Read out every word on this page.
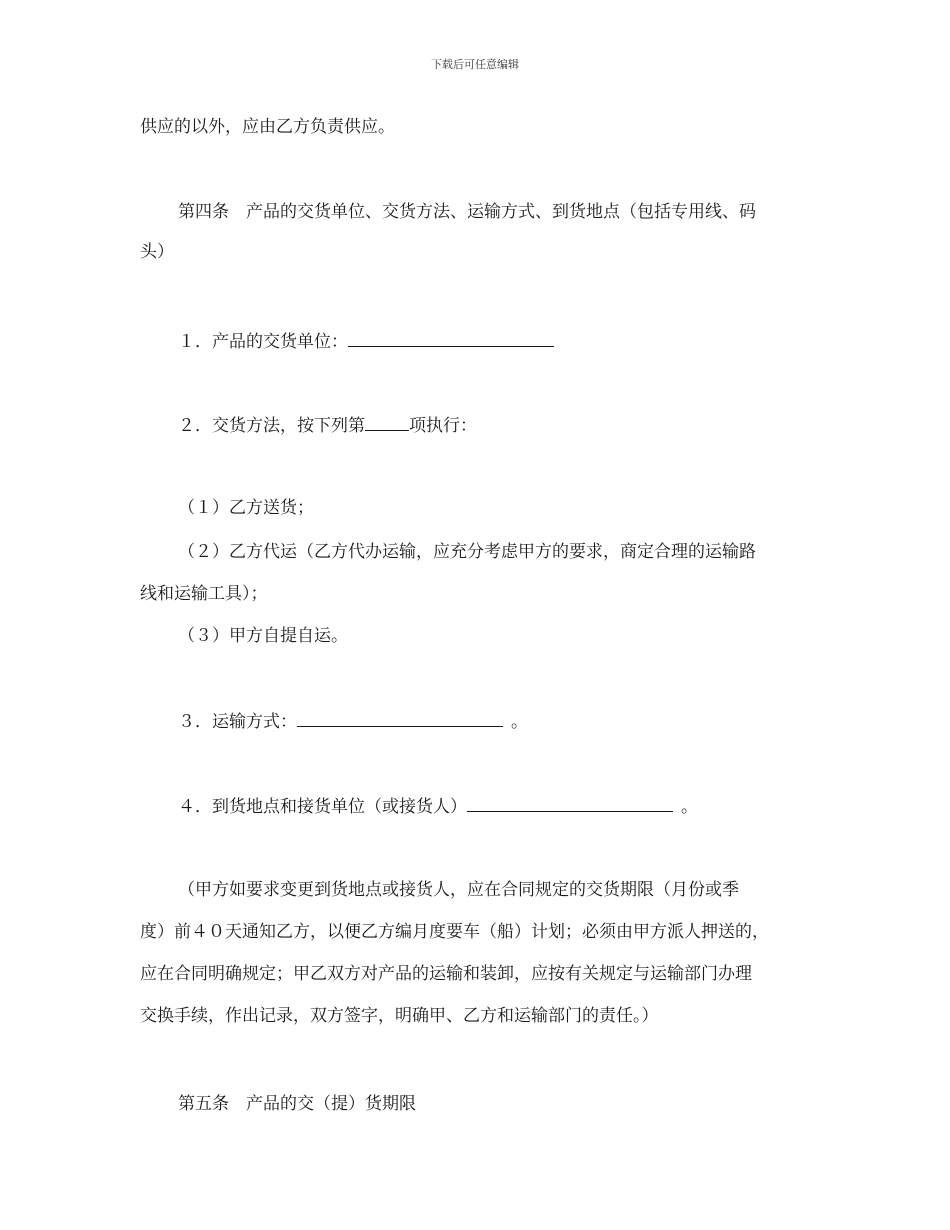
下载后可任意编辑
供应的以外，应由乙方负责供应。
第四条　产品的交货单位、交货方法、运输方式、到货地点（包括专用线、码
头）
１．产品的交货单位：
２．交货方法，按下列第	项执行：
（１）乙方送货；
（２）乙方代运（乙方代办运输，应充分考虑甲方的要求，商定合理的运输路
线和运输工具）；
（３）甲方自提自运。
３．运输方式：	。
４．到货地点和接货单位（或接货人）	。
（甲方如要求变更到货地点或接货人，应在合同规定的交货期限（月份或季
度）前４０天通知乙方，以便乙方编月度要车（船）计划；必须由甲方派人押送的，
应在合同明确规定；甲乙双方对产品的运输和装卸，应按有关规定与运输部门办理
交换手续，作出记录，双方签字，明确甲、乙方和运输部门的责任。）
第五条　产品的交（提）货期限
